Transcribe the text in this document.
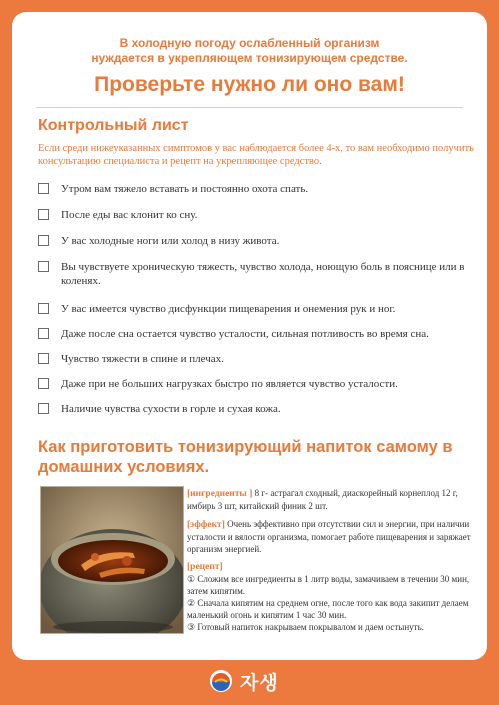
В холодную погоду ослабленный организм
нуждается в укрепляющем тонизирующем средстве.
Проверьте нужно ли оно вам!
Контрольный лист
Если среди нижеуказанных симптомов у вас наблюдается более 4-х, то вам необходимо получить консультацию специалиста и рецепт на укрепляющее средство.
Утром вам тяжело вставать и постоянно охота спать.
После еды вас клонит ко сну.
У вас холодные ноги или холод в низу живота.
Вы чувствуете хроническую тяжесть, чувство холода, ноющую боль в пояснице или в коленях.
У вас имеется чувство дисфункции пищеварения и онемения рук и ног.
Даже после сна остается чувство усталости, сильная потливость во время сна.
Чувство тяжести в спине и плечах.
Даже при не больших нагрузках быстро по является чувство усталости.
Наличие чувства сухости в горле и сухая кожа.
Как приготовить тонизирующий напиток самому в домашних условиях.

[ингредиенты ] 8 г- астрагал сходный, диаскорейный корнеплод 12 г, имбирь 3 шт, китайский финик 2 шт.

[эффект] Очень эффективно при отсутствии сил и энергии, при наличии усталости и вялости организма, помогает работе пищеварения и заряжает организм энергией.

[рецепт]
① Сложим все ингредиенты в 1 литр воды, замачиваем в течении 30 мин, затем кипятим.
② Сначала кипятим на среднем огне, после того как вода закипит делаем маленький огонь и кипятим 1 час 30 мин.
③ Готовый напиток накрываем покрывалом и даем остынуть.
자생
